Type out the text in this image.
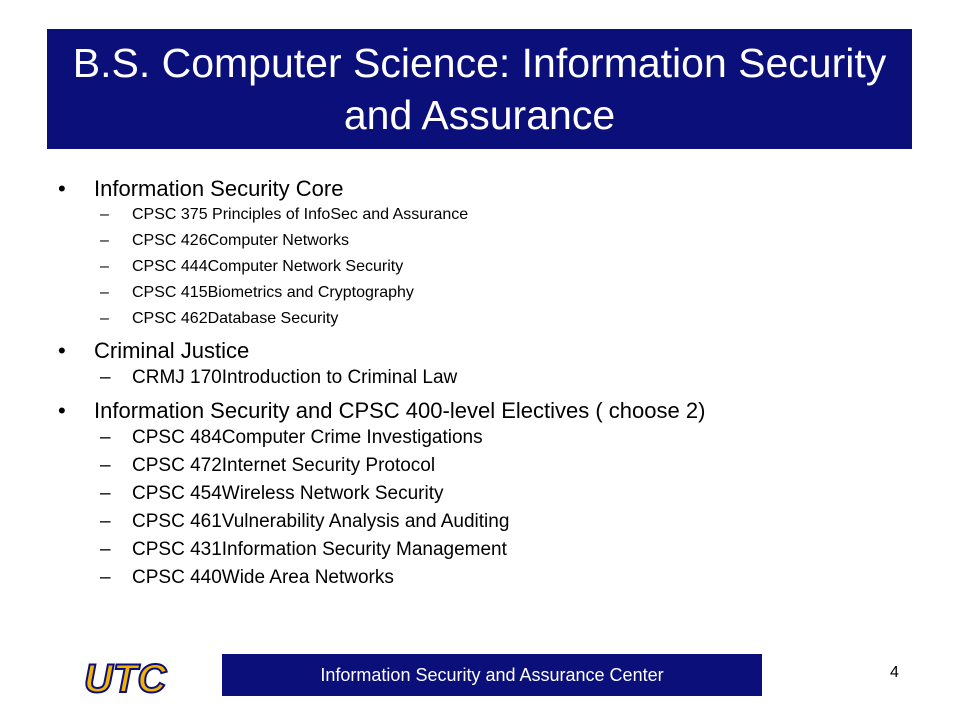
B.S. Computer Science: Information Security and Assurance
•	Information Security Core
–	CPSC 375 Principles of InfoSec and Assurance
–	CPSC 426Computer Networks
–	CPSC 444Computer Network Security
–	CPSC 415Biometrics and Cryptography
–	CPSC 462Database Security
•	Criminal Justice
–	CRMJ 170Introduction to Criminal Law
•	Information Security and CPSC 400-level Electives ( choose 2)
–	CPSC 484Computer Crime Investigations
–	CPSC 472Internet Security Protocol
–	CPSC 454Wireless Network Security
–	CPSC 461Vulnerability Analysis and Auditing
–	CPSC 431Information Security Management
–	CPSC 440Wide Area Networks
UTC	Information Security and Assurance Center	4
